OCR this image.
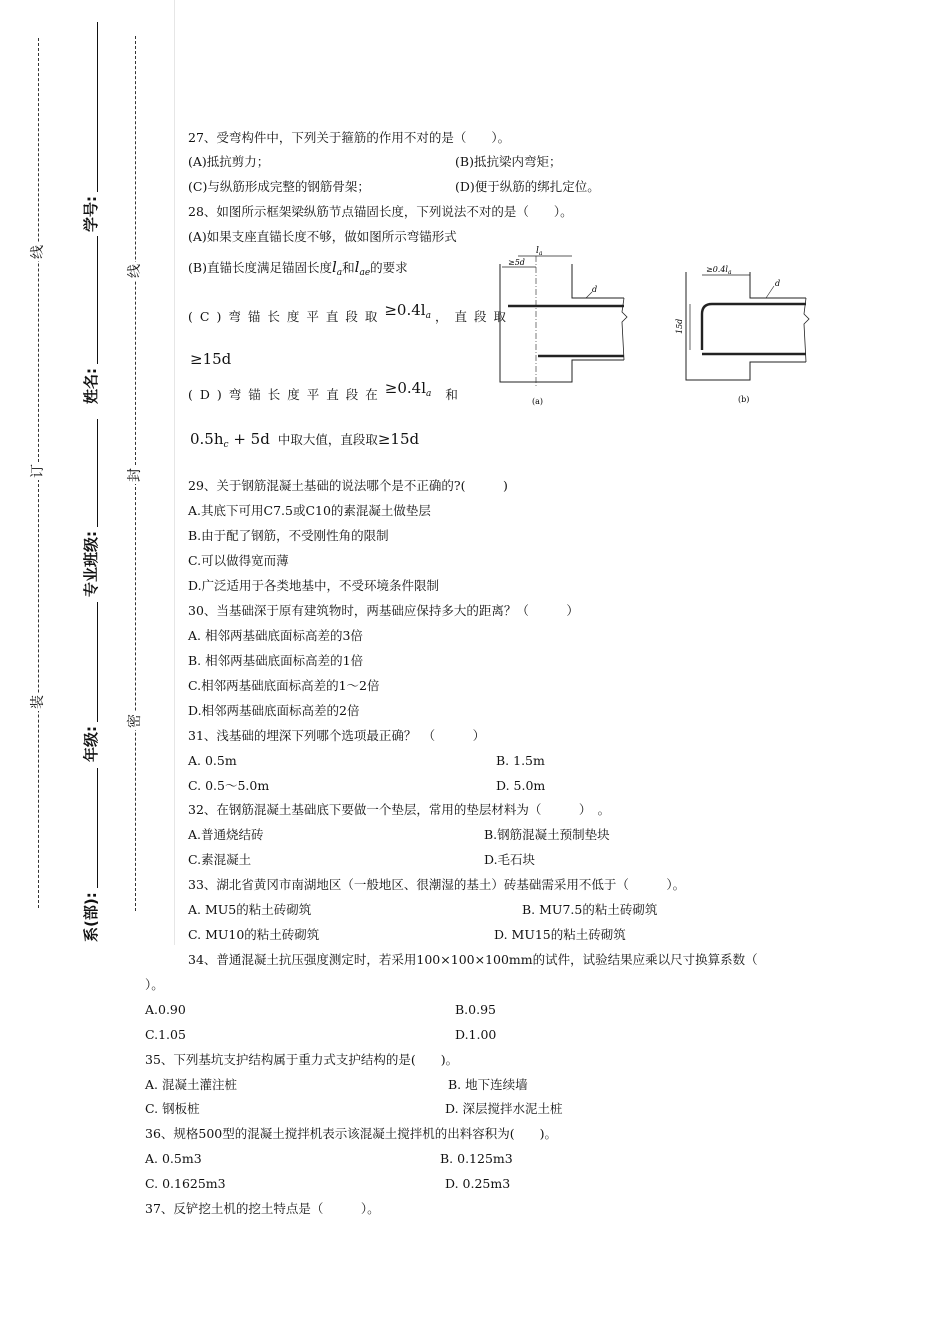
线
订
装
线
封
密
学号:
姓名:
专业班级:
年级:
系(部):
27、受弯构件中，下列关于箍筋的作用不对的是（　　）。
(A)抵抗剪力；	(B)抵抗梁内弯矩；
(C)与纵筋形成完整的钢筋骨架；	(D)便于纵筋的绑扎定位。
28、如图所示框架梁纵筋节点锚固长度，下列说法不对的是（　　）。
(A)如果支座直锚长度不够，做如图所示弯锚形式
(B)直锚长度满足锚固长度$l_a$和$l_{ae}$的要求
(C)弯锚长度平直段取$\ge 0.4l_a$ ，直段取
≥15d
(D)弯锚长度平直段在$\ge 0.4l_a$ 和
$0.5h_c + 5d$ 中取大值，直段取≥15d
$l_a$
≥5d
d
(a)
$\ge 0.4l_a$
d
15d
(b)
29、关于钢筋混凝土基础的说法哪个是不正确的?(　　　)
A.其底下可用C7.5或C10的素混凝土做垫层
B.由于配了钢筋，不受刚性角的限制
C.可以做得宽而薄
D.广泛适用于各类地基中，不受环境条件限制
30、当基础深于原有建筑物时，两基础应保持多大的距离？（　　　）
A. 相邻两基础底面标高差的3倍
B. 相邻两基础底面标高差的1倍
C.相邻两基础底面标高差的1～2倍
D.相邻两基础底面标高差的2倍
31、浅基础的埋深下列哪个选项最正确？　（　　　）
A. 0.5m	B. 1.5m
C. 0.5～5.0m	D. 5.0m
32、在钢筋混凝土基础底下要做一个垫层，常用的垫层材料为（　　　）　。
A.普通烧结砖	B.钢筋混凝土预制垫块
C.素混凝土	D.毛石块
33、湖北省黄冈市南湖地区（一般地区、很潮湿的基土）砖基础需采用不低于（　　　）。
A. MU5的粘土砖砌筑	B. MU7.5的粘土砖砌筑
C. MU10的粘土砖砌筑	D. MU15的粘土砖砌筑
34、普通混凝土抗压强度测定时，若采用100×100×100mm的试件，试验结果应乘以尺寸换算系数（
）。
A.0.90	B.0.95
C.1.05	D.1.00
35、下列基坑支护结构属于重力式支护结构的是(　　)。
A. 混凝土灌注桩	B. 地下连续墙
C. 钢板桩	D. 深层搅拌水泥土桩
36、规格500型的混凝土搅拌机表示该混凝土搅拌机的出料容积为(　　)。
A. 0.5m3	B. 0.125m3
C. 0.1625m3	D. 0.25m3
37、反铲挖土机的挖土特点是（　　　）。
